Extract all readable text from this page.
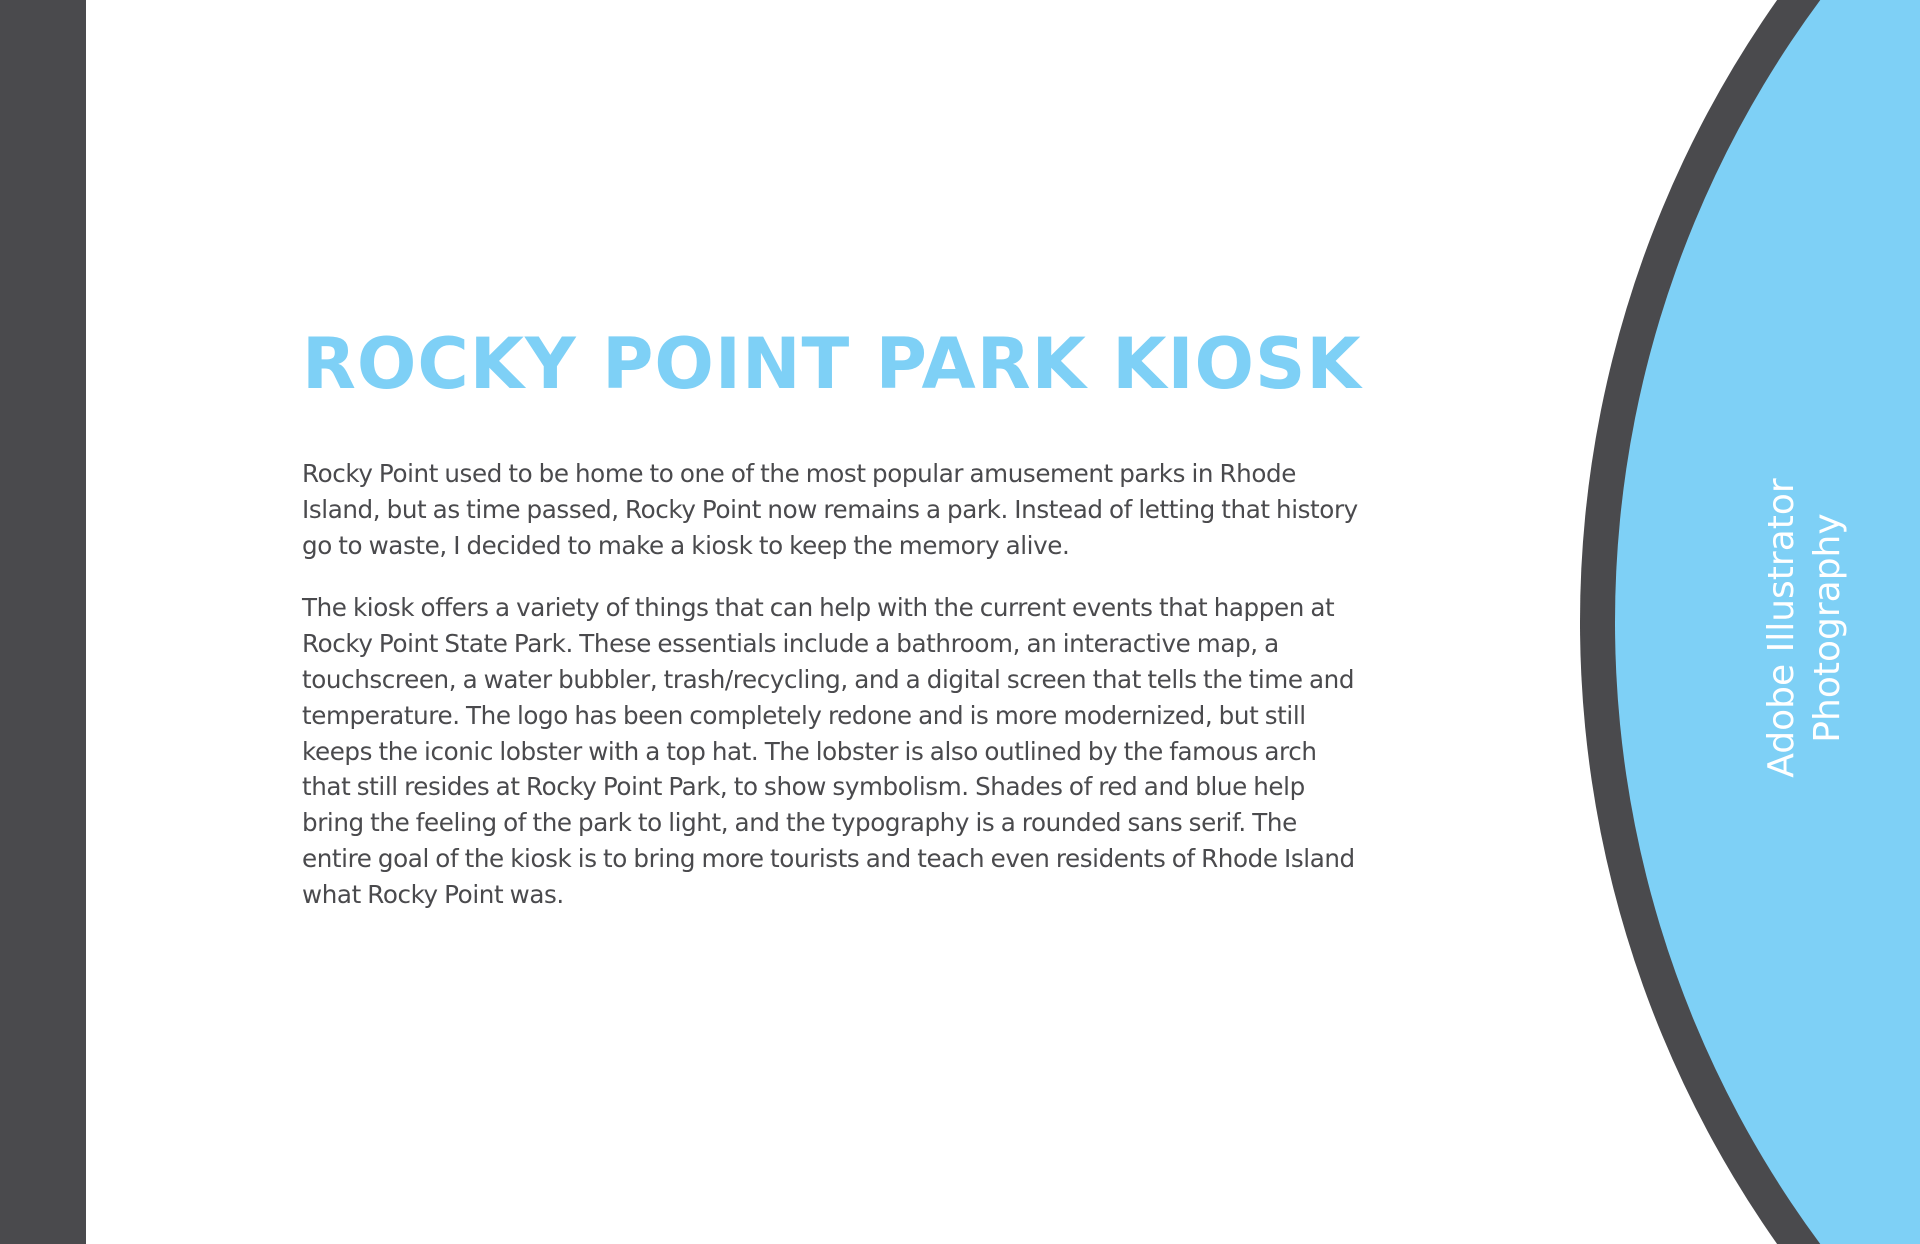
ROCKY POINT PARK KIOSK

Rocky Point used to be home to one of the most popular amusement parks in Rhode Island, but as time passed, Rocky Point now remains a park. Instead of letting that history go to waste, I decided to make a kiosk to keep the memory alive.

The kiosk offers a variety of things that can help with the current events that happen at Rocky Point State Park. These essentials include a bathroom, an interactive map, a touchscreen, a water bubbler, trash/recycling, and a digital screen that tells the time and temperature. The logo has been completely redone and is more modernized, but still keeps the iconic lobster with a top hat. The lobster is also outlined by the famous arch that still resides at Rocky Point Park, to show symbolism. Shades of red and blue help bring the feeling of the park to light, and the typography is a rounded sans serif. The entire goal of the kiosk is to bring more tourists and teach even residents of Rhode Island what Rocky Point was.

Adobe Illustrator Photography
